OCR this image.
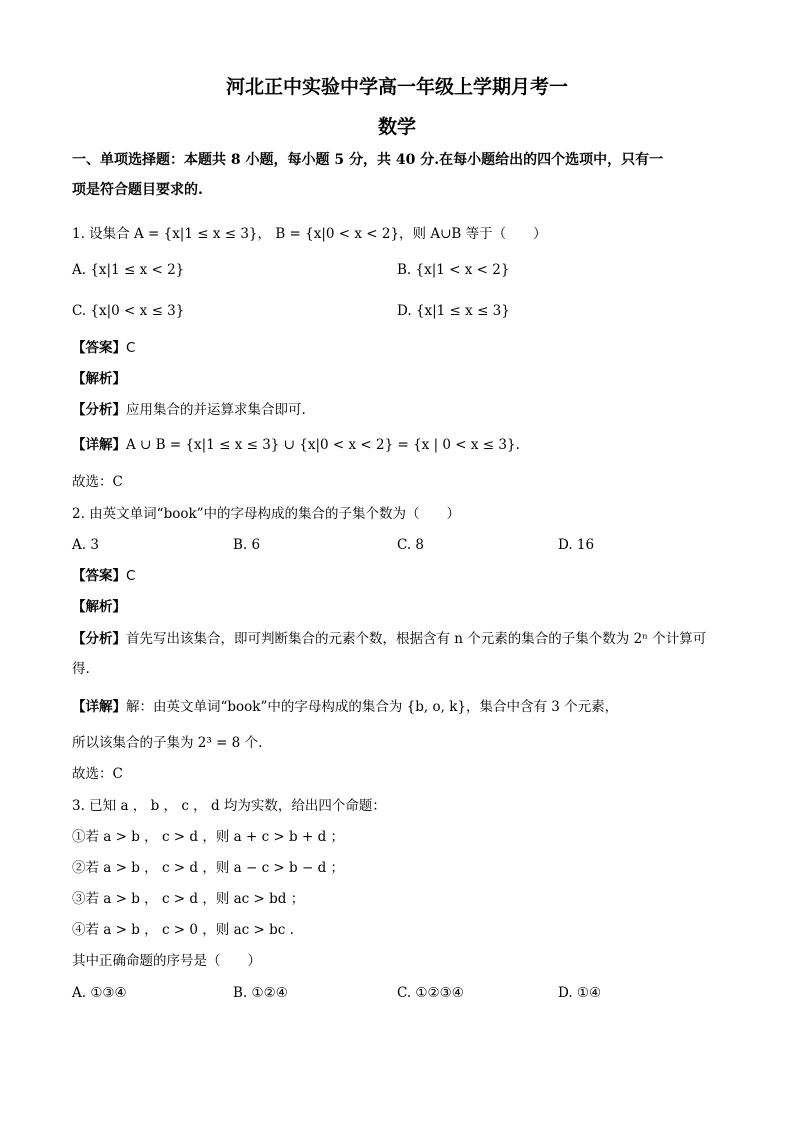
河北正中实验中学高一年级上学期月考一
数学
一、单项选择题：本题共 8 小题，每小题 5 分，共 40 分.在每小题给出的四个选项中，只有一
项是符合题目要求的.
1. 设集合 A = {x|1 ≤ x ≤ 3}， B = {x|0 < x < 2}，则 A∪B 等于（　　）
A. {x|1 ≤ x < 2}	B. {x|1 < x < 2}
C. {x|0 < x ≤ 3}	D. {x|1 ≤ x ≤ 3}
【答案】C
【解析】
【分析】应用集合的并运算求集合即可.
【详解】A ∪ B = {x|1 ≤ x ≤ 3} ∪ {x|0 < x < 2} = {x | 0 < x ≤ 3}.
故选：C
2. 由英文单词“book”中的字母构成的集合的子集个数为（　　）
A. 3	B. 6	C. 8	D. 16
【答案】C
【解析】
【分析】首先写出该集合，即可判断集合的元素个数，根据含有 n 个元素的集合的子集个数为 2ⁿ 个计算可
得.
【详解】解：由英文单词“book”中的字母构成的集合为 {b, o, k}，集合中含有 3 个元素，
所以该集合的子集为 2³ = 8 个.
故选：C
3. 已知 a ， b ， c ， d 均为实数，给出四个命题：
①若 a > b ， c > d ，则 a + c > b + d ；
②若 a > b ， c > d ，则 a − c > b − d ；
③若 a > b ， c > d ，则 ac > bd ；
④若 a > b ， c > 0 ，则 ac > bc .
其中正确命题的序号是（　　）
A. ①③④	B. ①②④	C. ①②③④	D. ①④
